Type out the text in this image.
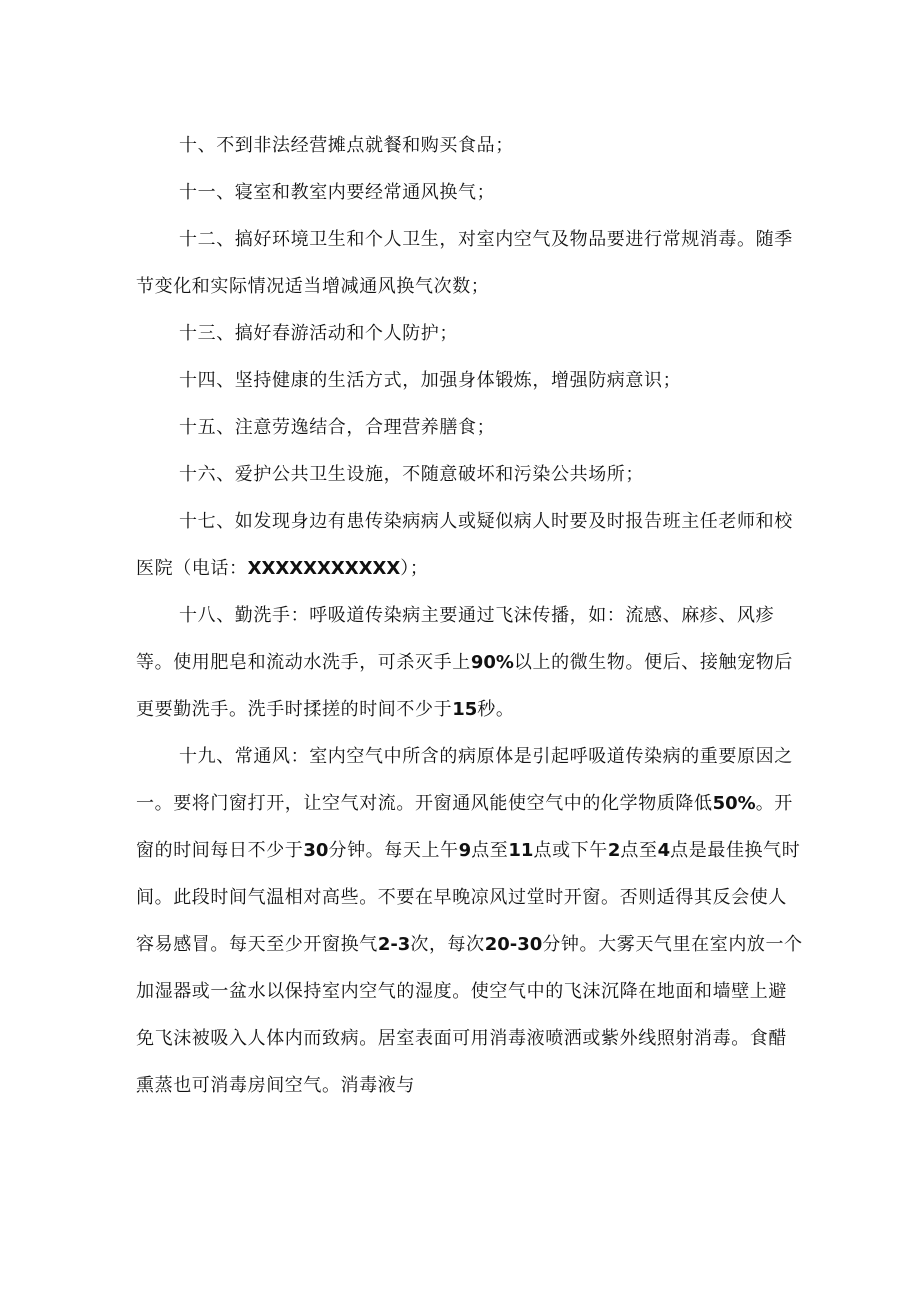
十、不到非法经营摊点就餐和购买食品；

十一、寝室和教室内要经常通风换气；

十二、搞好环境卫生和个人卫生，对室内空气及物品要进行常规消毒。随季节变化和实际情况适当增减通风换气次数；

十三、搞好春游活动和个人防护；

十四、坚持健康的生活方式，加强身体锻炼，增强防病意识；

十五、注意劳逸结合，合理营养膳食；

十六、爱护公共卫生设施，不随意破坏和污染公共场所；

十七、如发现身边有患传染病病人或疑似病人时要及时报告班主任老师和校医院（电话：XXXXXXXXXXX）；

十八、勤洗手：呼吸道传染病主要通过飞沫传播，如：流感、麻疹、风疹等。使用肥皂和流动水洗手，可杀灭手上90%以上的微生物。便后、接触宠物后更要勤洗手。洗手时揉搓的时间不少于15秒。

十九、常通风：室内空气中所含的病原体是引起呼吸道传染病的重要原因之一。要将门窗打开，让空气对流。开窗通风能使空气中的化学物质降低50%。开窗的时间每日不少于30分钟。每天上午9点至11点或下午2点至4点是最佳换气时间。此段时间气温相对高些。不要在早晚凉风过堂时开窗。否则适得其反会使人容易感冒。每天至少开窗换气2-3次，每次20-30分钟。大雾天气里在室内放一个加湿器或一盆水以保持室内空气的湿度。使空气中的飞沫沉降在地面和墙壁上避免飞沫被吸入人体内而致病。居室表面可用消毒液喷洒或紫外线照射消毒。食醋熏蒸也可消毒房间空气。消毒液与
